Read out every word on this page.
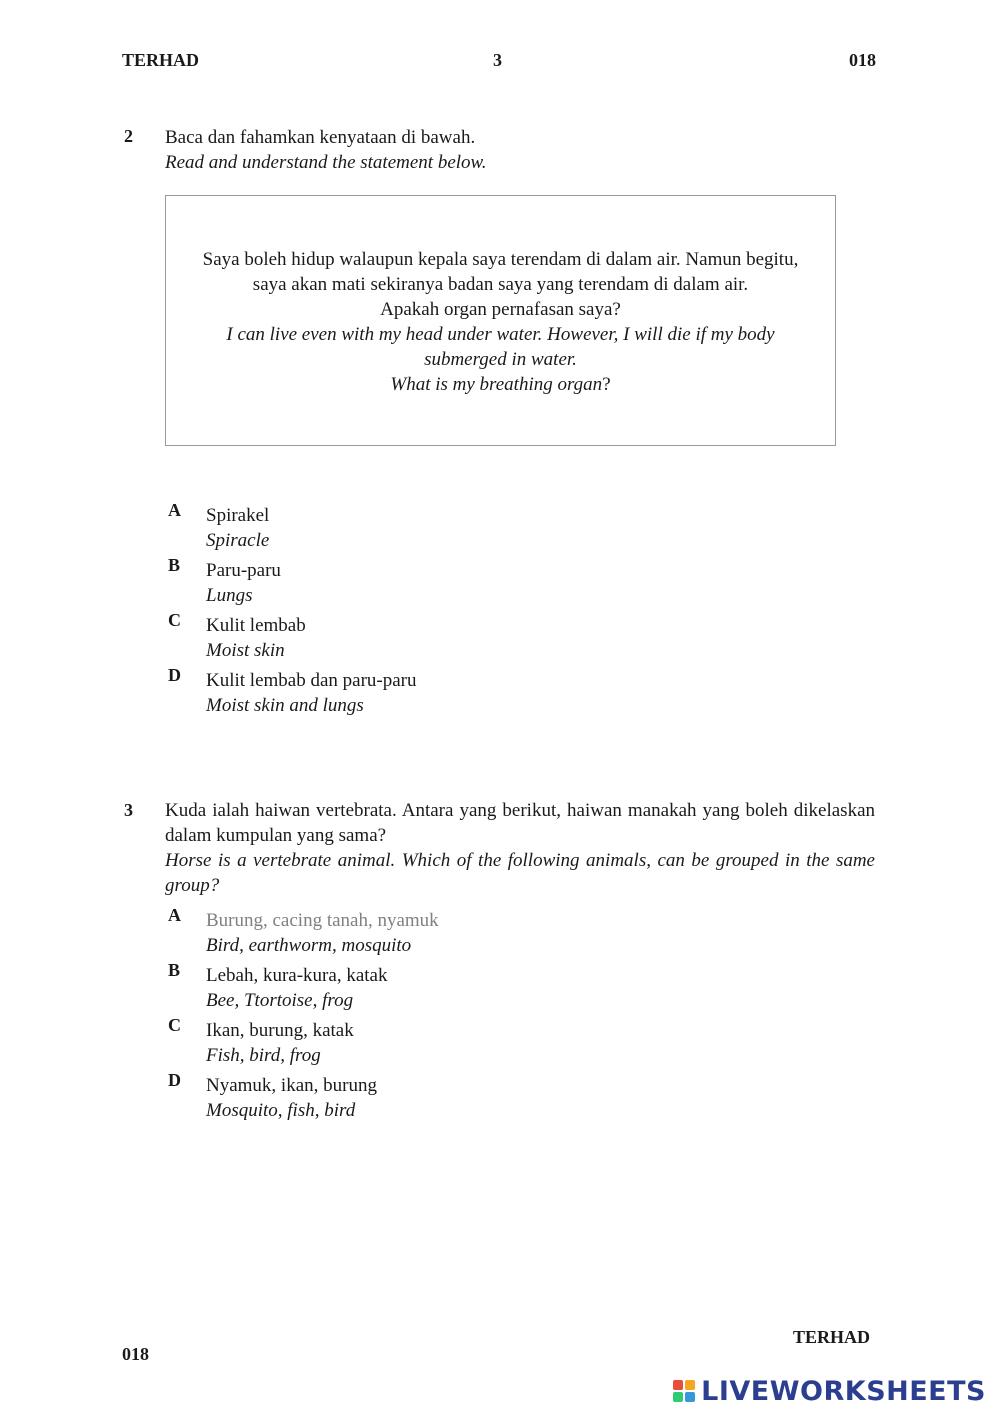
TERHAD	3	018
2 Baca dan fahamkan kenyataan di bawah.
Read and understand the statement below.
Saya boleh hidup walaupun kepala saya terendam di dalam air. Namun begitu,
saya akan mati sekiranya badan saya yang terendam di dalam air.
Apakah organ pernafasan saya?
I can live even with my head under water. However, I will die if my body
submerged in water.
What is my breathing organ?
A Spirakel
Spiracle
B Paru-paru
Lungs
C Kulit lembab
Moist skin
D Kulit lembab dan paru-paru
Moist skin and lungs
3 Kuda ialah haiwan vertebrata. Antara yang berikut, haiwan manakah yang boleh dikelaskan dalam kumpulan yang sama?
Horse is a vertebrate animal. Which of the following animals, can be grouped in the same group?
A Burung, cacing tanah, nyamuk
Bird, earthworm, mosquito
B Lebah, kura-kura, katak
Bee, Ttortoise, frog
C Ikan, burung, katak
Fish, bird, frog
D Nyamuk, ikan, burung
Mosquito, fish, bird
TERHAD
018
LIVEWORKSHEETS
